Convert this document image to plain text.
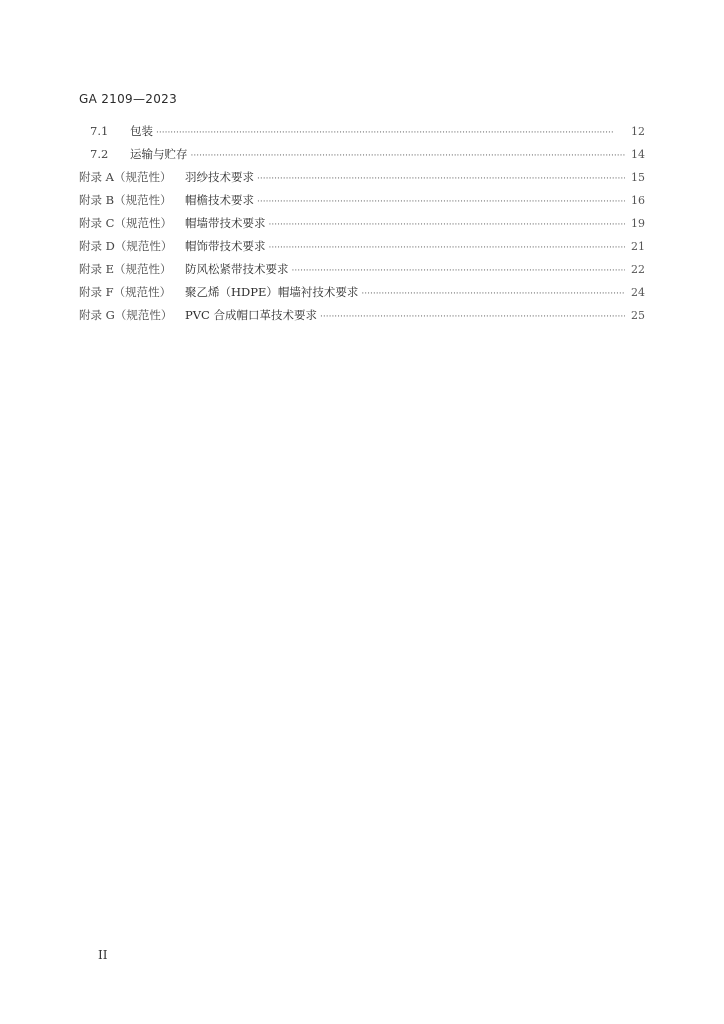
GA 2109—2023
7.1	包装 ·····	12
7.2	运输与贮存 ·····	14
附录 A（规范性）	羽纱技术要求 ·····	15
附录 B（规范性）	帽檐技术要求 ·····	16
附录 C（规范性）	帽墙带技术要求 ·····	19
附录 D（规范性）	帽饰带技术要求 ·····	21
附录 E（规范性）	防风松紧带技术要求 ·····	22
附录 F（规范性）	聚乙烯（HDPE）帽墙衬技术要求 ·····	24
附录 G（规范性）	PVC 合成帽口革技术要求 ·····	25
II
